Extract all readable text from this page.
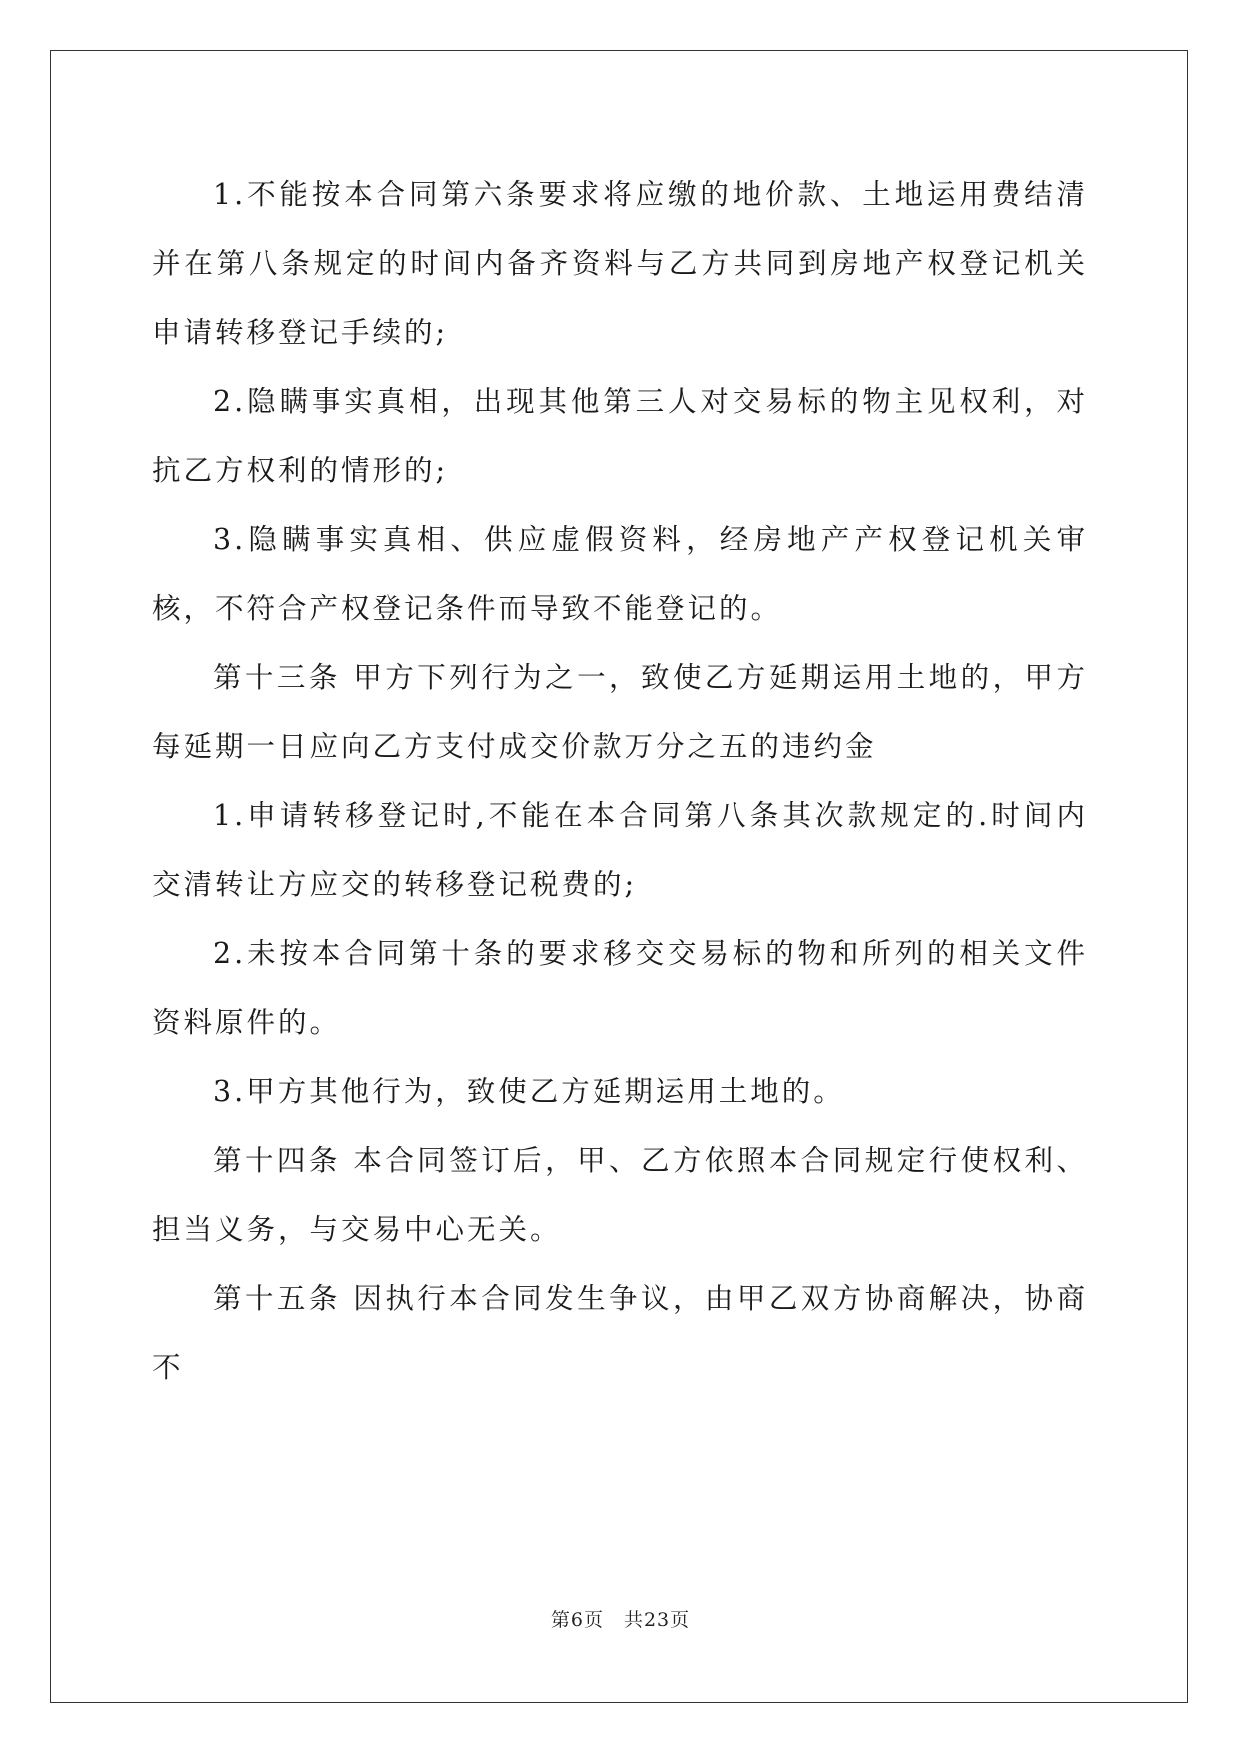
1.不能按本合同第六条要求将应缴的地价款、土地运用费结清并在第八条规定的时间内备齐资料与乙方共同到房地产权登记机关申请转移登记手续的;

2.隐瞒事实真相，出现其他第三人对交易标的物主见权利，对抗乙方权利的情形的;

3.隐瞒事实真相、供应虚假资料，经房地产产权登记机关审核，不符合产权登记条件而导致不能登记的。

第十三条 甲方下列行为之一，致使乙方延期运用土地的，甲方每延期一日应向乙方支付成交价款万分之五的违约金

1.申请转移登记时,不能在本合同第八条其次款规定的.时间内交清转让方应交的转移登记税费的;

2.未按本合同第十条的要求移交交易标的物和所列的相关文件资料原件的。

3.甲方其他行为，致使乙方延期运用土地的。

第十四条 本合同签订后，甲、乙方依照本合同规定行使权利、担当义务，与交易中心无关。

第十五条 因执行本合同发生争议，由甲乙双方协商解决，协商不

第6页 共23页
